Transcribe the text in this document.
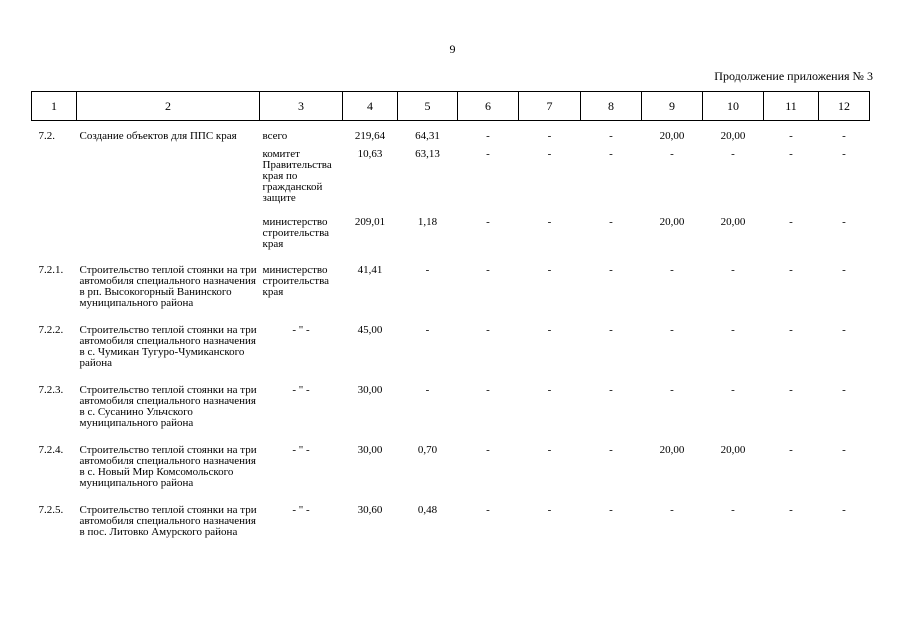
9
Продолжение приложения № 3
1	2	3	4	5	6	7	8	9	10	11	12

7.2.	Создание объектов для ППС края	всего	219,64	64,31	-	-	-	20,00	20,00	-	-

		комитет Правительства края по гражданской защите	10,63	63,13	-	-	-	-	-	-	-

		министерство строительства края	209,01	1,18	-	-	-	20,00	20,00	-	-

7.2.1.	Строительство теплой стоянки на три автомобиля специального назначения в рп. Высокогорный Ванинского муниципального района	министерство строительства края	41,41	-	-	-	-	-	-	-	-

7.2.2.	Строительство теплой стоянки на три автомобиля специального назначения в с. Чумикан Тугуро-Чумиканского района	- " -	45,00	-	-	-	-	-	-	-	-

7.2.3.	Строительство теплой стоянки на три автомобиля специального назначения в с. Сусанино Ульчского муниципального района	- " -	30,00	-	-	-	-	-	-	-	-

7.2.4.	Строительство теплой стоянки на три автомобиля специального назначения в с. Новый Мир Комсомольского муниципального района	- " -	30,00	0,70	-	-	-	20,00	20,00	-	-

7.2.5.	Строительство теплой стоянки на три автомобиля специального назначения в пос. Литовко Амурского района	- " -	30,60	0,48	-	-	-	-	-	-	-
